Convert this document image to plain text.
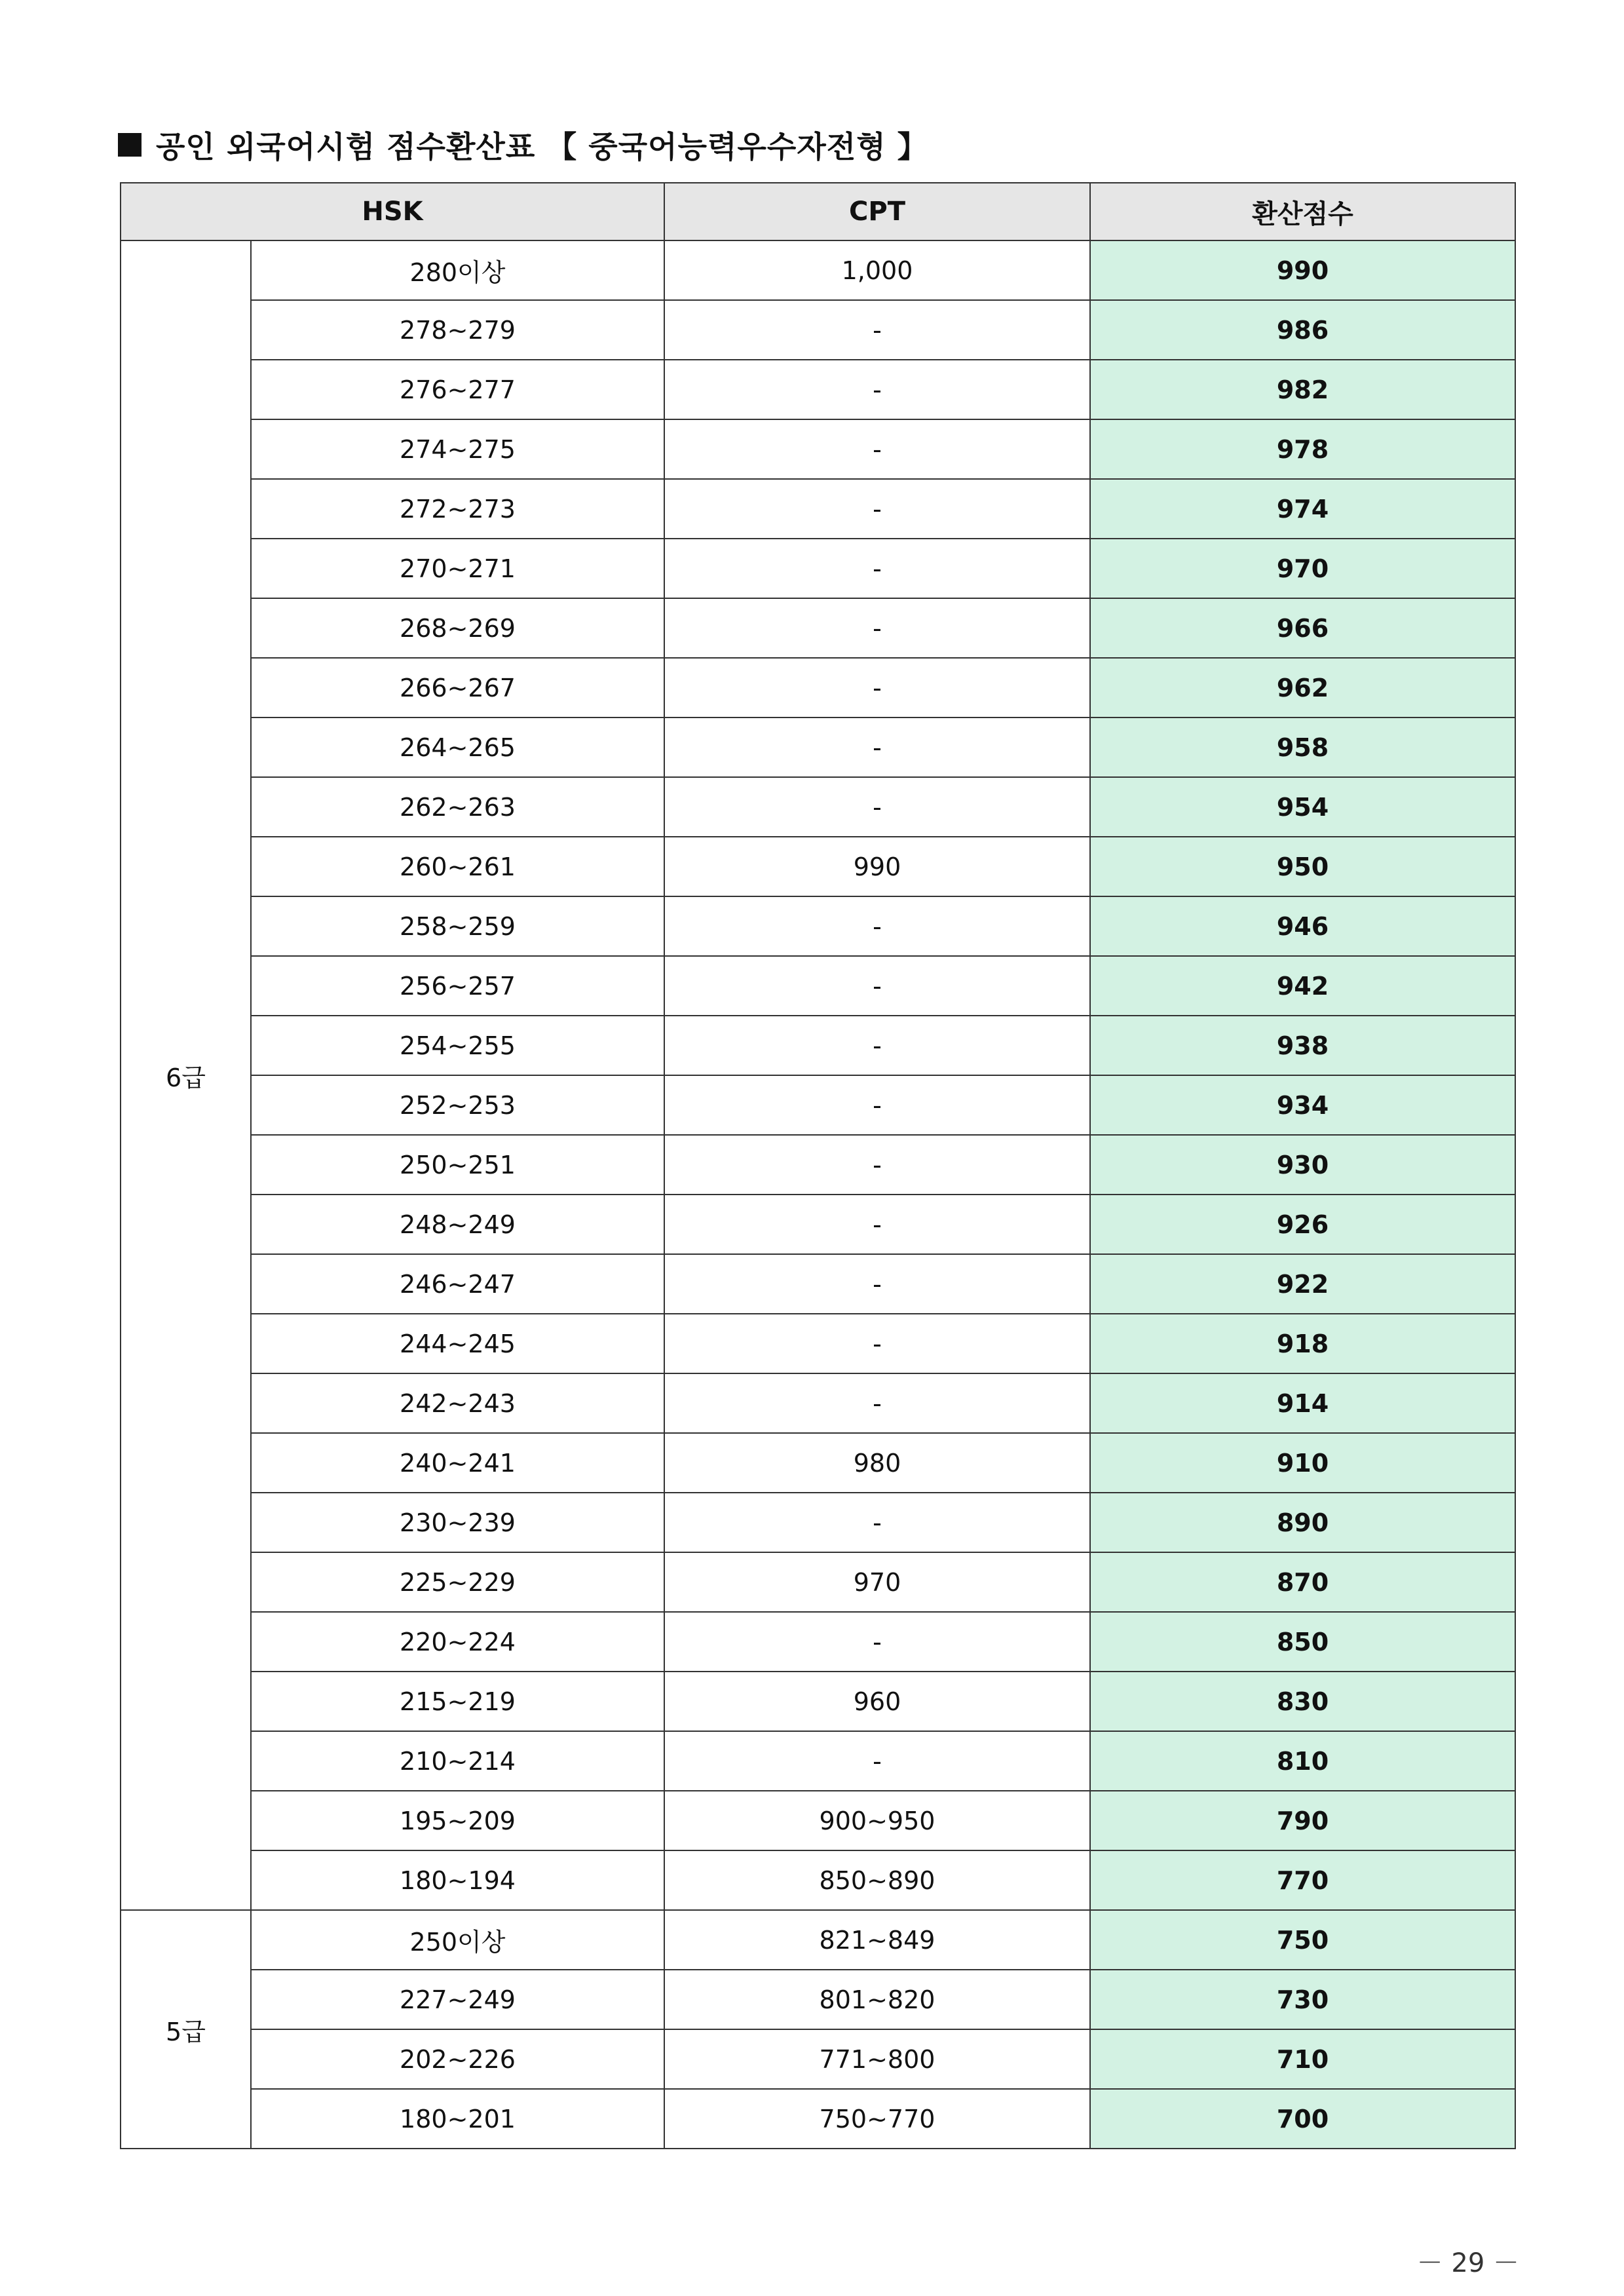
공인 외국어시험 점수환산표 【 중국어능력우수자전형 】
HSK		CPT	환산점수
6급	280이상	1,000	990
	278~279	-	986
	276~277	-	982
	274~275	-	978
	272~273	-	974
	270~271	-	970
	268~269	-	966
	266~267	-	962
	264~265	-	958
	262~263	-	954
	260~261	990	950
	258~259	-	946
	256~257	-	942
	254~255	-	938
	252~253	-	934
	250~251	-	930
	248~249	-	926
	246~247	-	922
	244~245	-	918
	242~243	-	914
	240~241	980	910
	230~239	-	890
	225~229	970	870
	220~224	-	850
	215~219	960	830
	210~214	-	810
	195~209	900~950	790
	180~194	850~890	770
5급	250이상	821~849	750
	227~249	801~820	730
	202~226	771~800	710
	180~201	750~770	700
－ 29 －
